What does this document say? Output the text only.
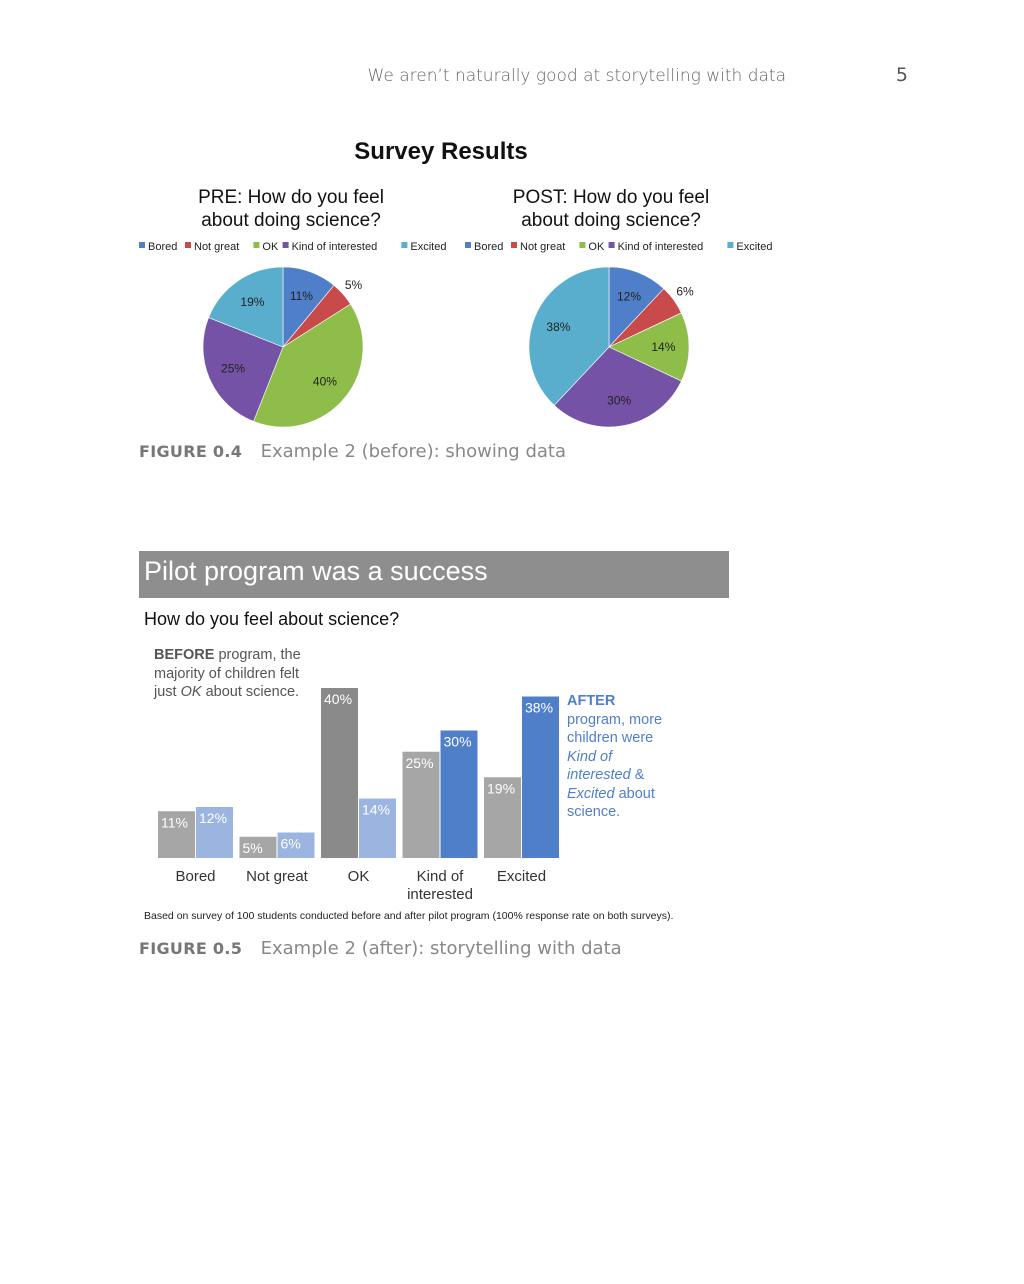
We aren’t naturally good at storytelling with data	5
Survey Results
PRE: How do you feel
about doing science?
Bored Not great OK Kind of interested	Excited
11%
5%
40%
25%
19%
POST: How do you feel
about doing science?
Bored Not great OK Kind of interested	Excited
12%	6%
14%
30%
38%
FIGURE 0.4 Example 2 (before): showing data
Pilot program was a success
How do you feel about science?
BEFORE program, the majority of children felt just OK about science.
AFTER program, more children were Kind of interested & Excited about science.
11% 12%
Bored
5% 6%
Not great
40%
14%
OK
25%
30%
Kind of
interested
19%
38%
Excited
Based on survey of 100 students conducted before and after pilot program (100% response rate on both surveys).
FIGURE 0.5 Example 2 (after): storytelling with data
